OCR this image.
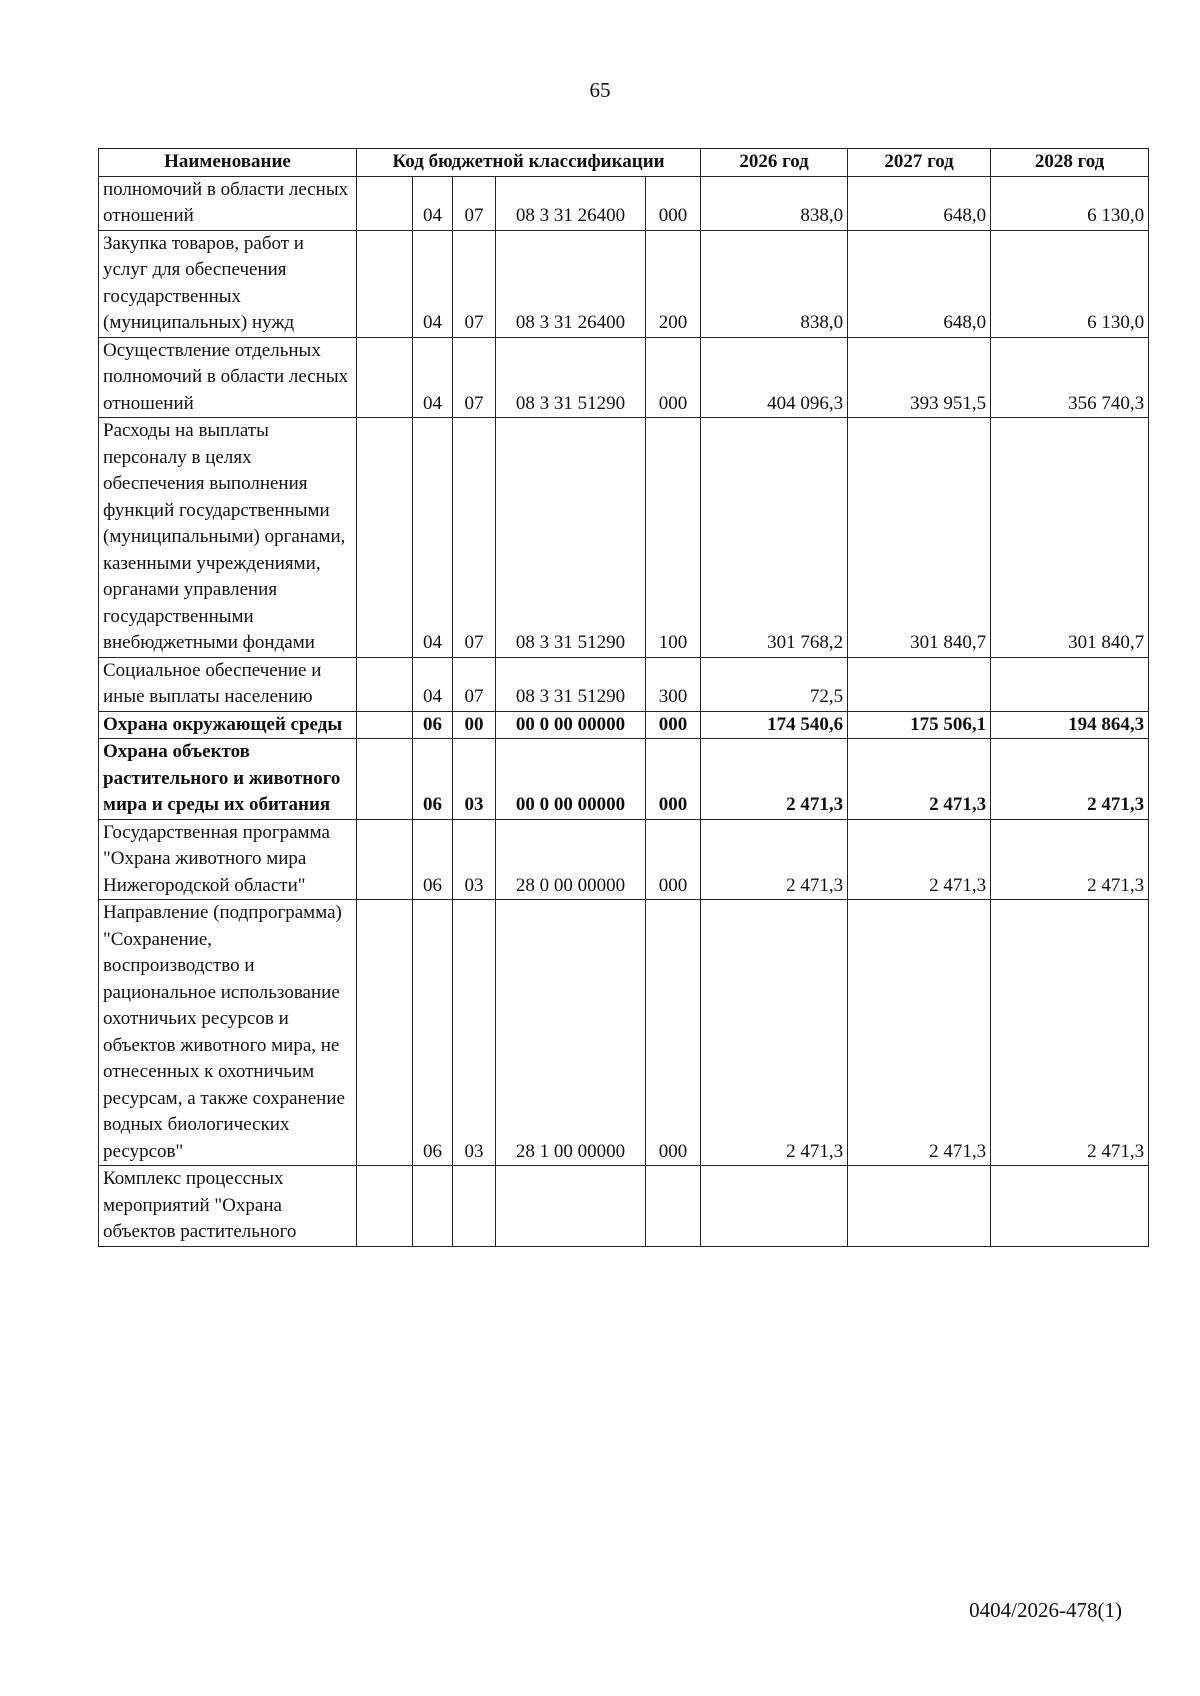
65
Наименование	Код бюджетной классификации					2026 год	2027 год	2028 год
полномочий в области лесных отношений		04	07	08 3 31 26400	000	838,0	648,0	6 130,0
Закупка товаров, работ и услуг для обеспечения государственных (муниципальных) нужд		04	07	08 3 31 26400	200	838,0	648,0	6 130,0
Осуществление отдельных полномочий в области лесных отношений		04	07	08 3 31 51290	000	404 096,3	393 951,5	356 740,3
Расходы на выплаты персоналу в целях обеспечения выполнения функций государственными (муниципальными) органами, казенными учреждениями, органами управления государственными внебюджетными фондами		04	07	08 3 31 51290	100	301 768,2	301 840,7	301 840,7
Социальное обеспечение и иные выплаты населению		04	07	08 3 31 51290	300	72,5		
Охрана окружающей среды		06	00	00 0 00 00000	000	174 540,6	175 506,1	194 864,3
Охрана объектов растительного и животного мира и среды их обитания		06	03	00 0 00 00000	000	2 471,3	2 471,3	2 471,3
Государственная программа "Охрана животного мира Нижегородской области"		06	03	28 0 00 00000	000	2 471,3	2 471,3	2 471,3
Направление (подпрограмма) "Сохранение, воспроизводство и рациональное использование охотничьих ресурсов и объектов животного мира, не отнесенных к охотничьим ресурсам, а также сохранение водных биологических ресурсов"		06	03	28 1 00 00000	000	2 471,3	2 471,3	2 471,3
Комплекс процессных мероприятий "Охрана объектов растительного								
0404/2026-478(1)
